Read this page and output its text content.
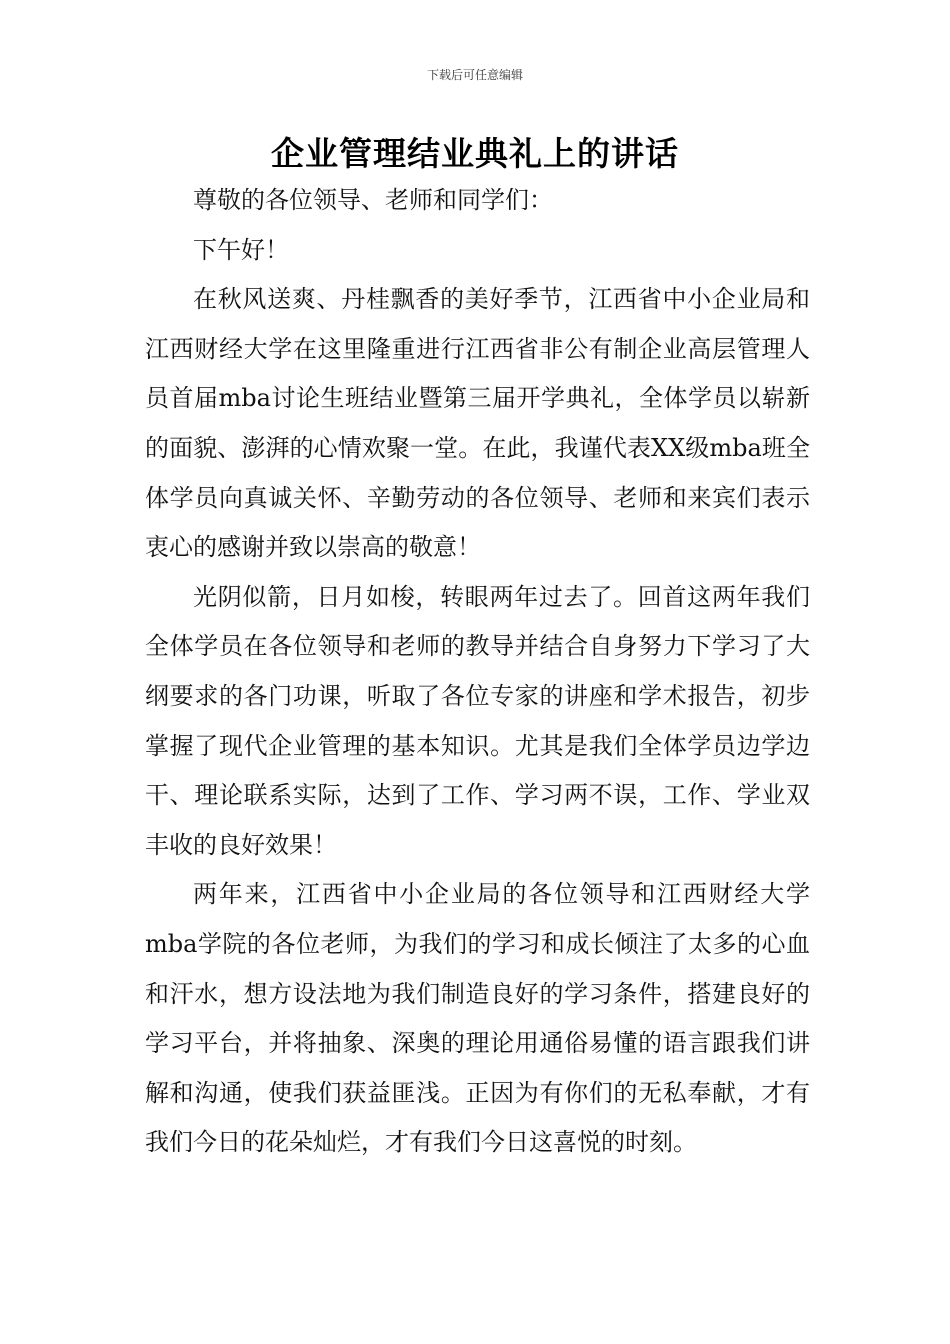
下载后可任意编辑
企业管理结业典礼上的讲话

尊敬的各位领导、老师和同学们：

下午好！

在秋风送爽、丹桂飘香的美好季节，江西省中小企业局和江西财经大学在这里隆重进行江西省非公有制企业高层管理人员首届mba讨论生班结业暨第三届开学典礼，全体学员以崭新的面貌、澎湃的心情欢聚一堂。在此，我谨代表XX级mba班全体学员向真诚关怀、辛勤劳动的各位领导、老师和来宾们表示衷心的感谢并致以崇高的敬意！

光阴似箭，日月如梭，转眼两年过去了。回首这两年我们全体学员在各位领导和老师的教导并结合自身努力下学习了大纲要求的各门功课，听取了各位专家的讲座和学术报告，初步掌握了现代企业管理的基本知识。尤其是我们全体学员边学边干、理论联系实际，达到了工作、学习两不误，工作、学业双丰收的良好效果！

两年来，江西省中小企业局的各位领导和江西财经大学mba学院的各位老师，为我们的学习和成长倾注了太多的心血和汗水，想方设法地为我们制造良好的学习条件，搭建良好的学习平台，并将抽象、深奥的理论用通俗易懂的语言跟我们讲解和沟通，使我们获益匪浅。正因为有你们的无私奉献，才有我们今日的花朵灿烂，才有我们今日这喜悦的时刻。
